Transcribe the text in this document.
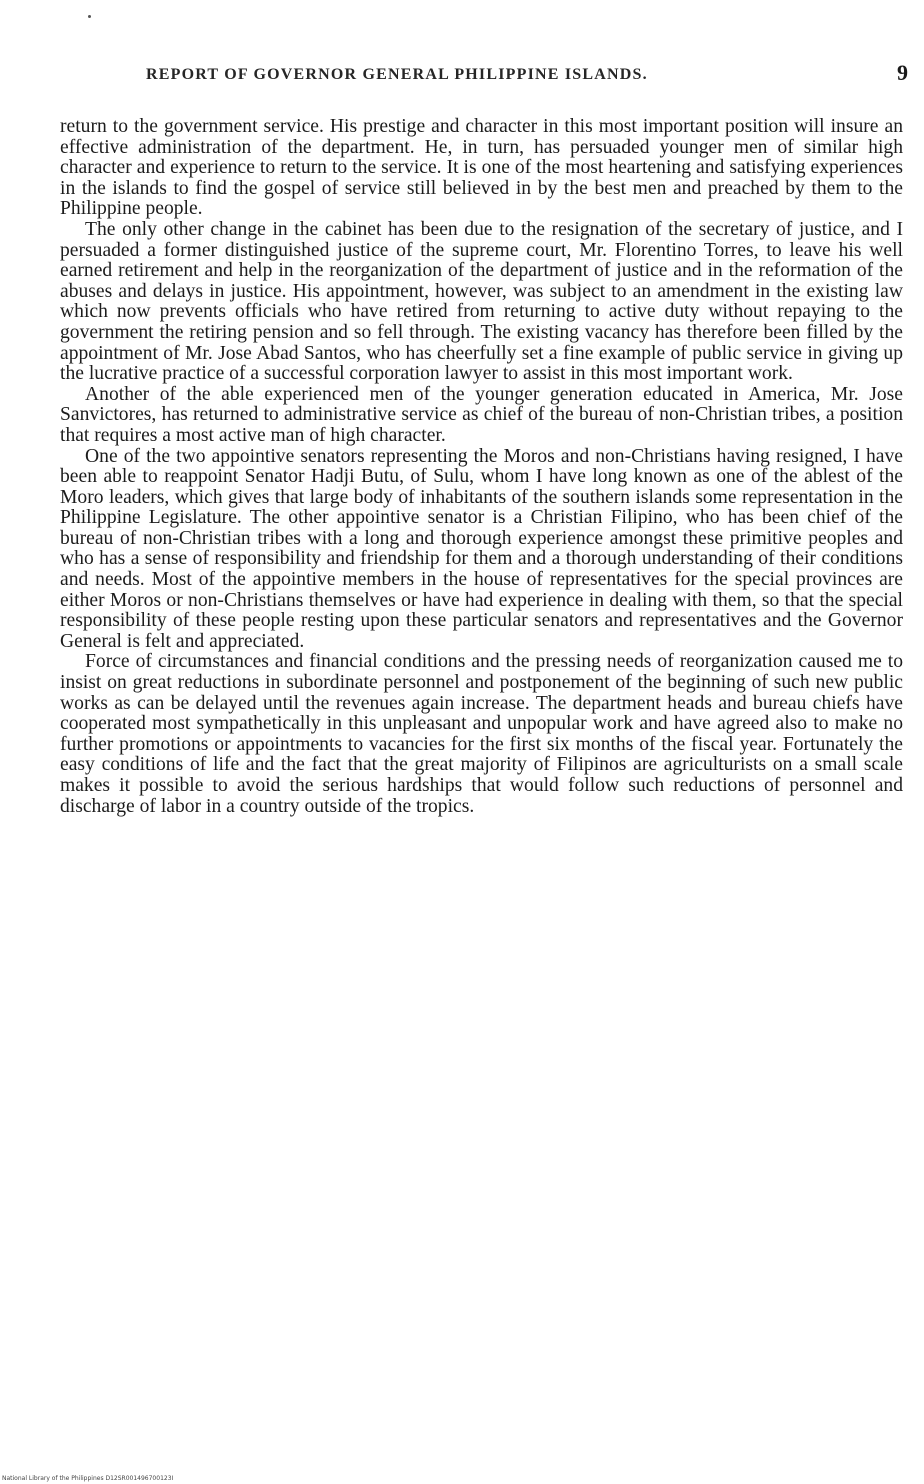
REPORT OF GOVERNOR GENERAL PHILIPPINE ISLANDS.	9

return to the government service. His prestige and character in this most important position will insure an effective administration of the department. He, in turn, has persuaded younger men of similar high character and experience to return to the service. It is one of the most heartening and satisfying experiences in the islands to find the gospel of service still believed in by the best men and preached by them to the Philippine people.

The only other change in the cabinet has been due to the resignation of the secretary of justice, and I persuaded a former distinguished justice of the supreme court, Mr. Florentino Torres, to leave his well earned retirement and help in the reorganization of the department of justice and in the reformation of the abuses and delays in justice. His appointment, however, was subject to an amendment in the existing law which now prevents officials who have retired from returning to active duty without repaying to the government the retiring pension and so fell through. The existing vacancy has therefore been filled by the appointment of Mr. Jose Abad Santos, who has cheerfully set a fine example of public service in giving up the lucrative practice of a successful corporation lawyer to assist in this most important work.

Another of the able experienced men of the younger generation educated in America, Mr. Jose Sanvictores, has returned to administrative service as chief of the bureau of non-Christian tribes, a position that requires a most active man of high character.

One of the two appointive senators representing the Moros and non-Christians having resigned, I have been able to reappoint Senator Hadji Butu, of Sulu, whom I have long known as one of the ablest of the Moro leaders, which gives that large body of inhabitants of the southern islands some representation in the Philippine Legislature. The other appointive senator is a Christian Filipino, who has been chief of the bureau of non-Christian tribes with a long and thorough experience amongst these primitive peoples and who has a sense of responsibility and friendship for them and a thorough understanding of their conditions and needs. Most of the appointive members in the house of representatives for the special provinces are either Moros or non-Christians themselves or have had experience in dealing with them, so that the special responsibility of these people resting upon these particular senators and representatives and the Governor General is felt and appreciated.

Force of circumstances and financial conditions and the pressing needs of reorganization caused me to insist on great reductions in subordinate personnel and postponement of the beginning of such new public works as can be delayed until the revenues again increase. The department heads and bureau chiefs have cooperated most sympathetically in this unpleasant and unpopular work and have agreed also to make no further promotions or appointments to vacancies for the first six months of the fiscal year. Fortunately the easy conditions of life and the fact that the great majority of Filipinos are agriculturists on a small scale makes it possible to avoid the serious hardships that would follow such reductions of personnel and discharge of labor in a country outside of the tropics.

National Library of the Philippines D12SR001496700123I
